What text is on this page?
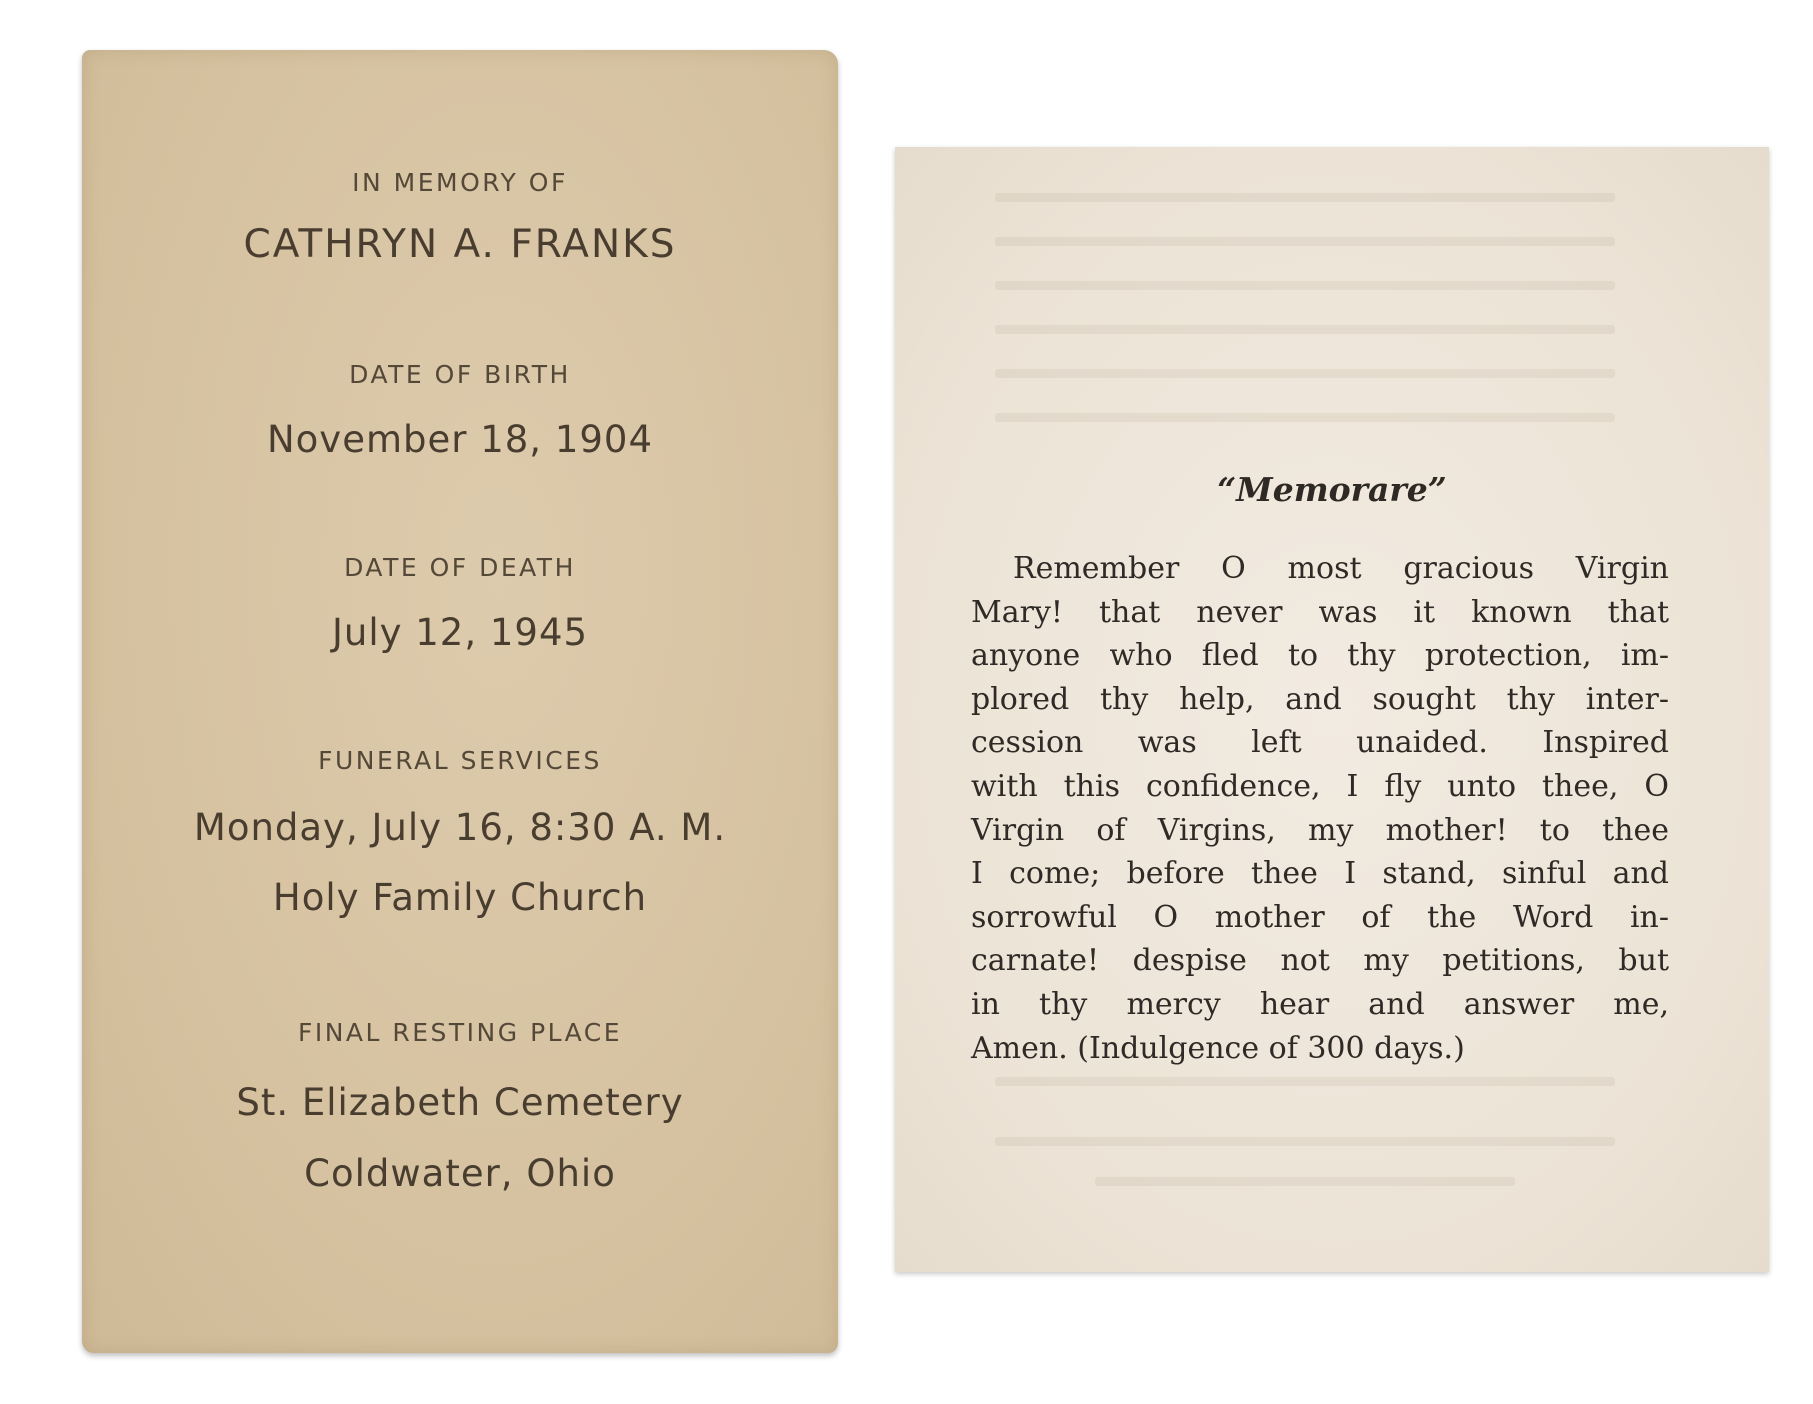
IN MEMORY OF
CATHRYN A. FRANKS
DATE OF BIRTH
November 18, 1904
DATE OF DEATH
July 12, 1945
FUNERAL SERVICES
Monday, July 16, 8:30 A. M.
Holy Family Church
FINAL RESTING PLACE
St. Elizabeth Cemetery
Coldwater, Ohio
“Memorare”
Remember O most gracious Virgin
Mary! that never was it known that
anyone who fled to thy protection, im-
plored thy help, and sought thy inter-
cession was left unaided. Inspired
with this confidence, I fly unto thee, O
Virgin of Virgins, my mother! to thee
I come; before thee I stand, sinful and
sorrowful O mother of the Word in-
carnate! despise not my petitions, but
in thy mercy hear and answer me,
Amen. (Indulgence of 300 days.)
